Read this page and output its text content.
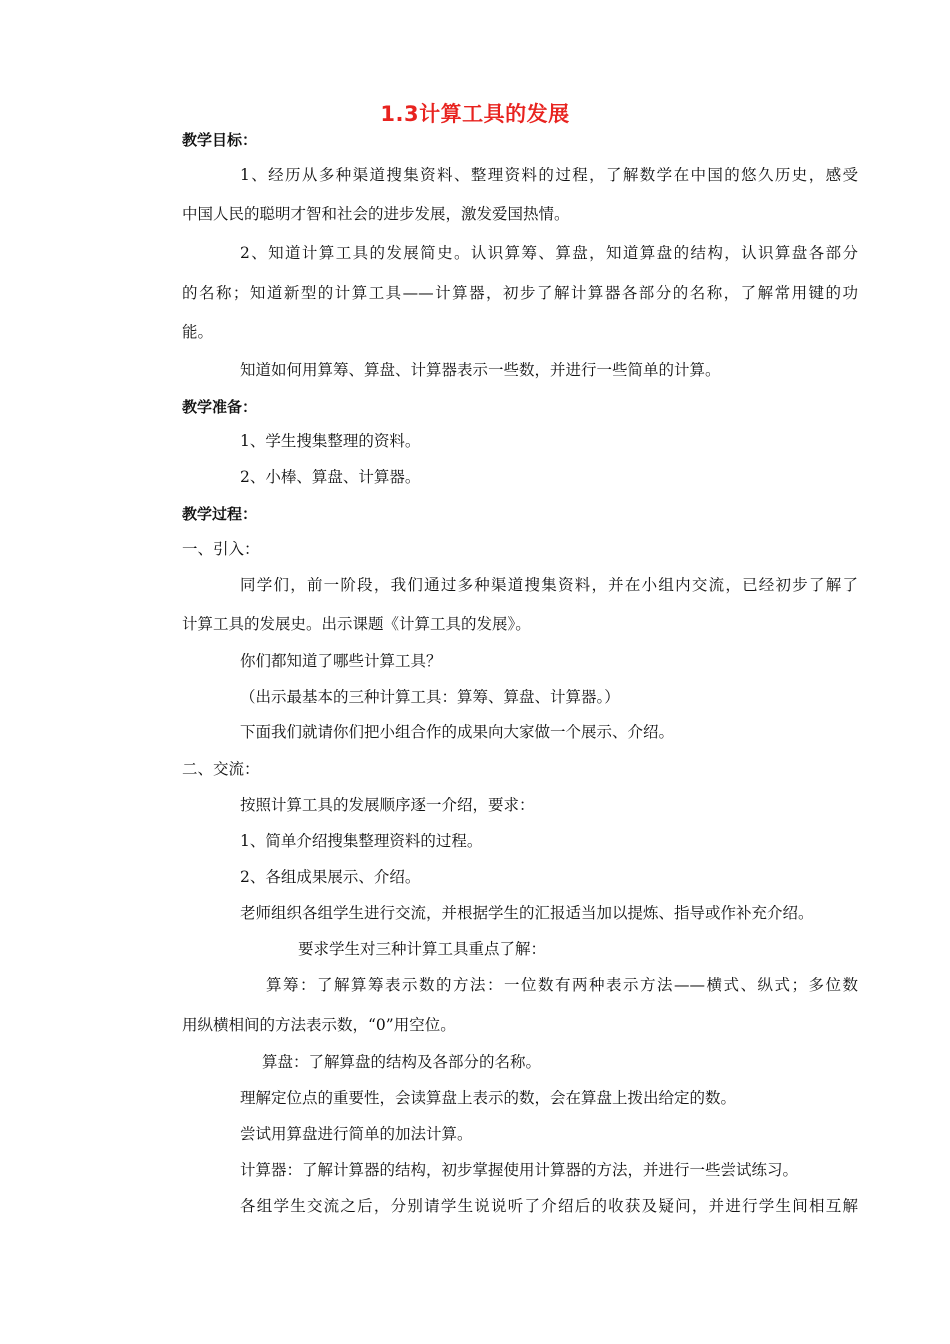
1.3计算工具的发展
教学目标：
1、经历从多种渠道搜集资料、整理资料的过程，了解数学在中国的悠久历史，感受
中国人民的聪明才智和社会的进步发展，激发爱国热情。
2、知道计算工具的发展简史。认识算筹、算盘，知道算盘的结构，认识算盘各部分
的名称；知道新型的计算工具——计算器，初步了解计算器各部分的名称，了解常用键的功
能。
知道如何用算筹、算盘、计算器表示一些数，并进行一些简单的计算。
教学准备：
1、学生搜集整理的资料。
2、小棒、算盘、计算器。
教学过程：
一、引入：
同学们，前一阶段，我们通过多种渠道搜集资料，并在小组内交流，已经初步了解了
计算工具的发展史。出示课题《计算工具的发展》。
你们都知道了哪些计算工具？
（出示最基本的三种计算工具：算筹、算盘、计算器。）
下面我们就请你们把小组合作的成果向大家做一个展示、介绍。
二、交流：
按照计算工具的发展顺序逐一介绍，要求：
1、简单介绍搜集整理资料的过程。
2、各组成果展示、介绍。
老师组织各组学生进行交流，并根据学生的汇报适当加以提炼、指导或作补充介绍。
要求学生对三种计算工具重点了解：
算筹：了解算筹表示数的方法：一位数有两种表示方法——横式、纵式；多位数
用纵横相间的方法表示数，“0”用空位。
算盘：了解算盘的结构及各部分的名称。
理解定位点的重要性，会读算盘上表示的数，会在算盘上拨出给定的数。
尝试用算盘进行简单的加法计算。
计算器：了解计算器的结构，初步掌握使用计算器的方法，并进行一些尝试练习。
各组学生交流之后，分别请学生说说听了介绍后的收获及疑问，并进行学生间相互解
